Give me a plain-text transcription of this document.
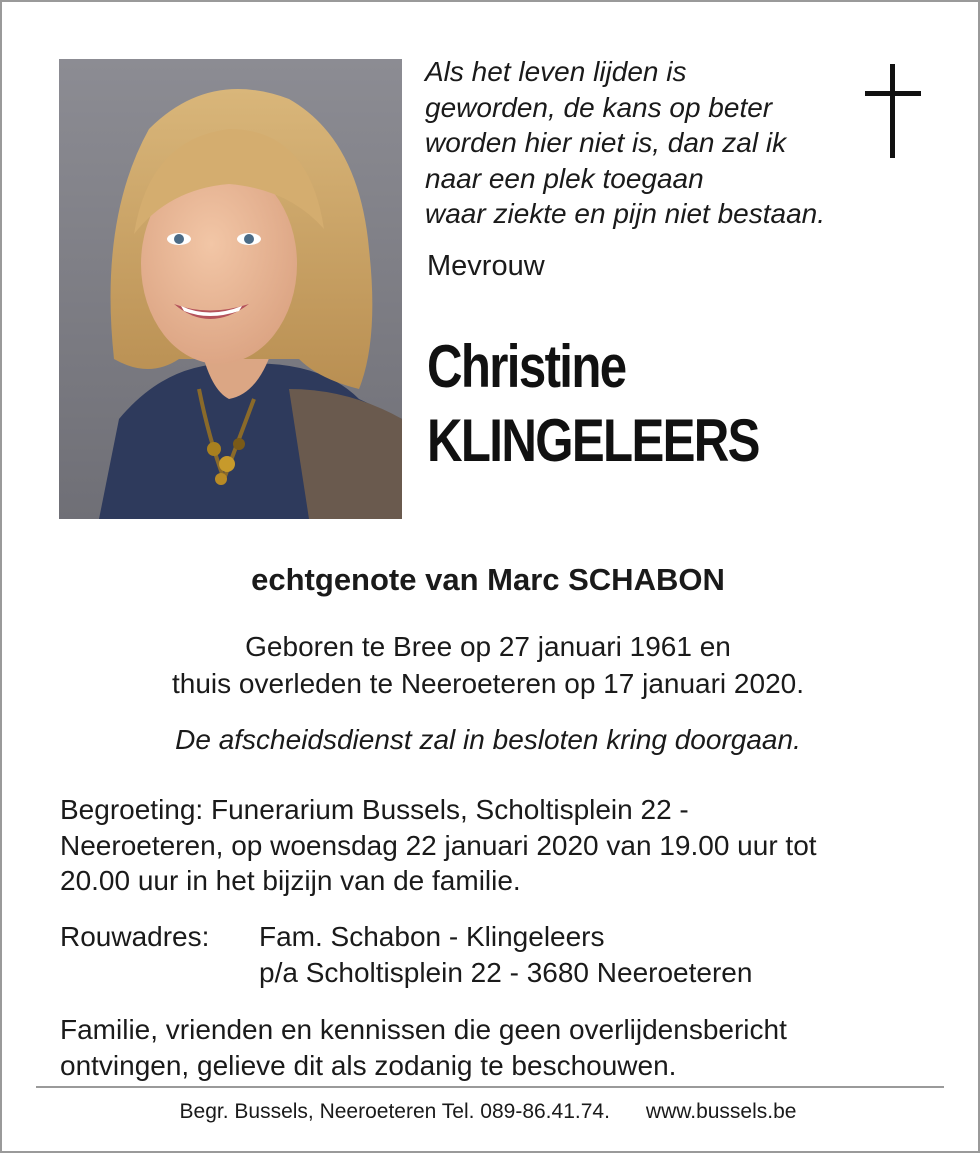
Als het leven lijden is
geworden, de kans op beter
worden hier niet is, dan zal ik
naar een plek toegaan
waar ziekte en pijn niet bestaan.
Mevrouw
Christine
KLINGELEERS
echtgenote van Marc SCHABON
Geboren te Bree op 27 januari 1961 en
thuis overleden te Neeroeteren op 17 januari 2020.
De afscheidsdienst zal in besloten kring doorgaan.
Begroeting: Funerarium Bussels, Scholtisplein 22 -
Neeroeteren, op woensdag 22 januari 2020 van 19.00 uur tot
20.00 uur in het bijzijn van de familie.
Rouwadres: Fam. Schabon - Klingeleers
p/a Scholtisplein 22 - 3680 Neeroeteren
Familie, vrienden en kennissen die geen overlijdensbericht
ontvingen, gelieve dit als zodanig te beschouwen.
Begr. Bussels, Neeroeteren Tel. 089-86.41.74. www.bussels.be
